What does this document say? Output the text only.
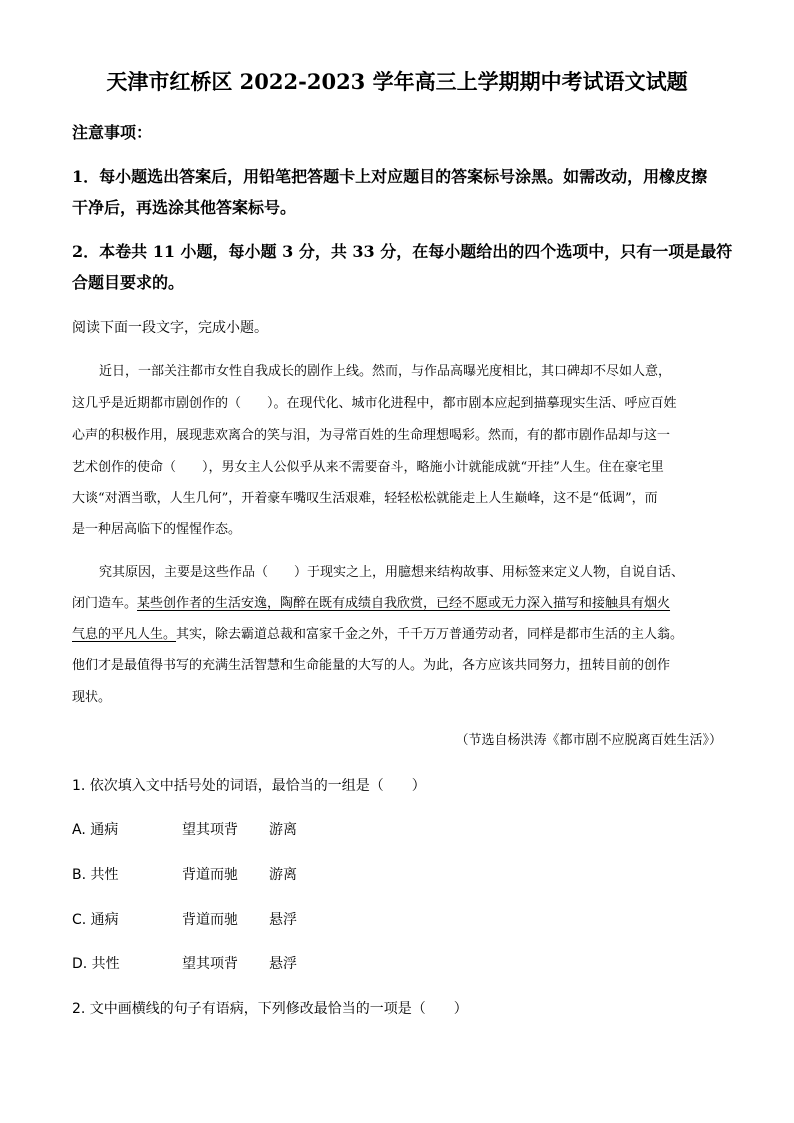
天津市红桥区 2022-2023 学年高三上学期期中考试语文试题
注意事项：
1．每小题选出答案后，用铅笔把答题卡上对应题目的答案标号涂黑。如需改动，用橡皮擦
干净后，再选涂其他答案标号。
2．本卷共 11 小题，每小题 3 分，共 33 分，在每小题给出的四个选项中，只有一项是最符
合题目要求的。
阅读下面一段文字，完成小题。
近日，一部关注都市女性自我成长的剧作上线。然而，与作品高曝光度相比，其口碑却不尽如人意，
这几乎是近期都市剧创作的（　　）。在现代化、城市化进程中，都市剧本应起到描摹现实生活、呼应百姓
心声的积极作用，展现悲欢离合的笑与泪，为寻常百姓的生命理想喝彩。然而，有的都市剧作品却与这一
艺术创作的使命（　　），男女主人公似乎从来不需要奋斗，略施小计就能成就“开挂”人生。住在豪宅里
大谈“对酒当歌，人生几何”，开着豪车嘴叹生活艰难，轻轻松松就能走上人生巅峰，这不是“低调”，而
是一种居高临下的惺惺作态。
究其原因，主要是这些作品（　　）于现实之上，用臆想来结构故事、用标签来定义人物，自说自话、
闭门造车。某些创作者的生活安逸，陶醉在既有成绩自我欣赏，已经不愿或无力深入描写和接触具有烟火
气息的平凡人生。其实，除去霸道总裁和富家千金之外，千千万万普通劳动者，同样是都市生活的主人翁。
他们才是最值得书写的充满生活智慧和生命能量的大写的人。为此，各方应该共同努力，扭转目前的创作
现状。
（节选自杨洪涛《都市剧不应脱离百姓生活》）
1. 依次填入文中括号处的词语，最恰当的一组是（　　）
A. 通病	望其项背 游离
B. 共性	背道而驰 游离
C. 通病	背道而驰 悬浮
D. 共性	望其项背 悬浮
2. 文中画横线的句子有语病，下列修改最恰当的一项是（　　）
